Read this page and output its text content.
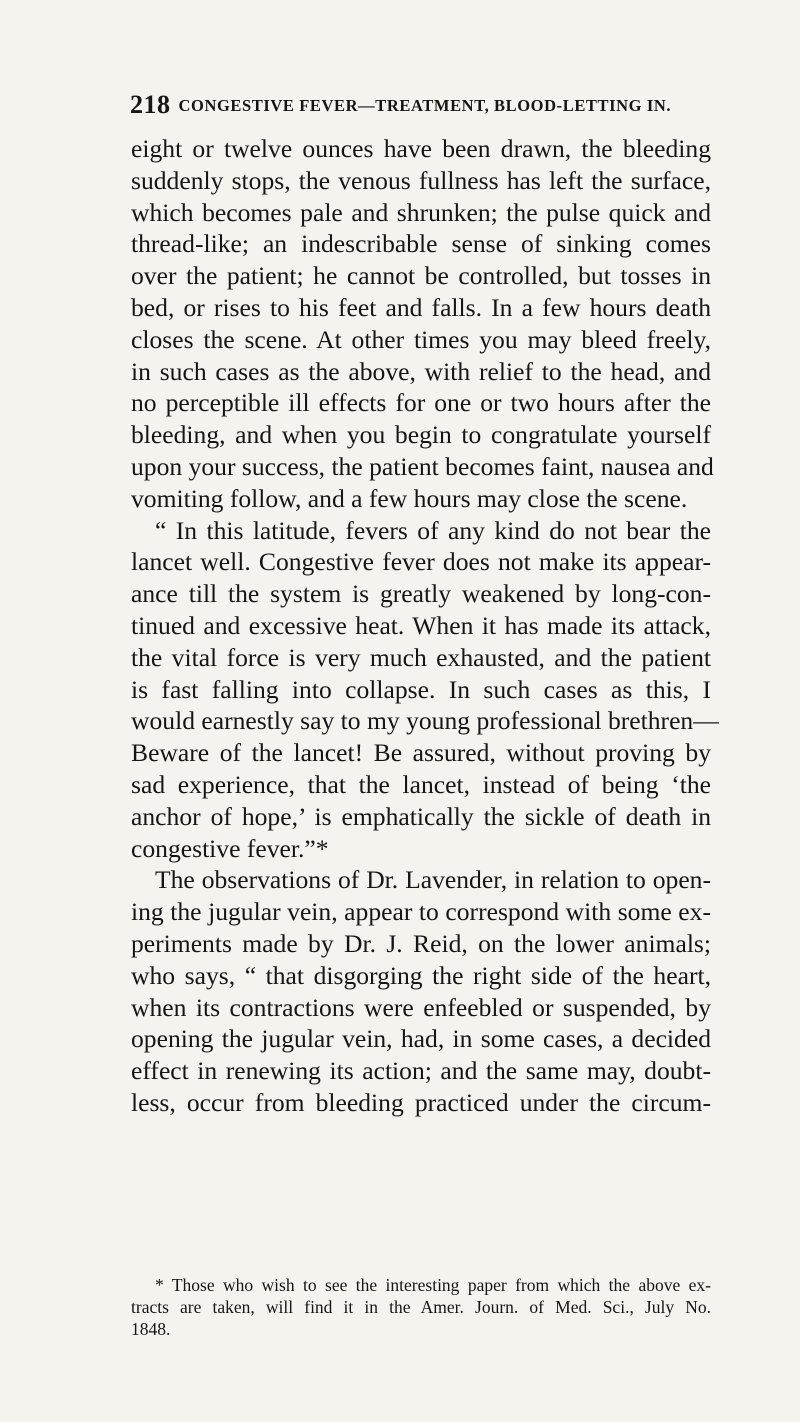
218 CONGESTIVE FEVER—TREATMENT, BLOOD-LETTING IN.
eight or twelve ounces have been drawn, the bleeding
suddenly stops, the venous fullness has left the surface,
which becomes pale and shrunken; the pulse quick and
thread-like; an indescribable sense of sinking comes
over the patient; he cannot be controlled, but tosses in
bed, or rises to his feet and falls. In a few hours death
closes the scene. At other times you may bleed freely,
in such cases as the above, with relief to the head, and
no perceptible ill effects for one or two hours after the
bleeding, and when you begin to congratulate yourself
upon your success, the patient becomes faint, nausea and
vomiting follow, and a few hours may close the scene.
“ In this latitude, fevers of any kind do not bear the
lancet well. Congestive fever does not make its appear-
ance till the system is greatly weakened by long-con-
tinued and excessive heat. When it has made its attack,
the vital force is very much exhausted, and the patient
is fast falling into collapse. In such cases as this, I
would earnestly say to my young professional brethren—
Beware of the lancet! Be assured, without proving by
sad experience, that the lancet, instead of being ‘the
anchor of hope,’ is emphatically the sickle of death in
congestive fever.”*
The observations of Dr. Lavender, in relation to open-
ing the jugular vein, appear to correspond with some ex-
periments made by Dr. J. Reid, on the lower animals;
who says, “ that disgorging the right side of the heart,
when its contractions were enfeebled or suspended, by
opening the jugular vein, had, in some cases, a decided
effect in renewing its action; and the same may, doubt-
less, occur from bleeding practiced under the circum-
* Those who wish to see the interesting paper from which the above ex-
tracts are taken, will find it in the Amer. Journ. of Med. Sci., July No.
1848.
